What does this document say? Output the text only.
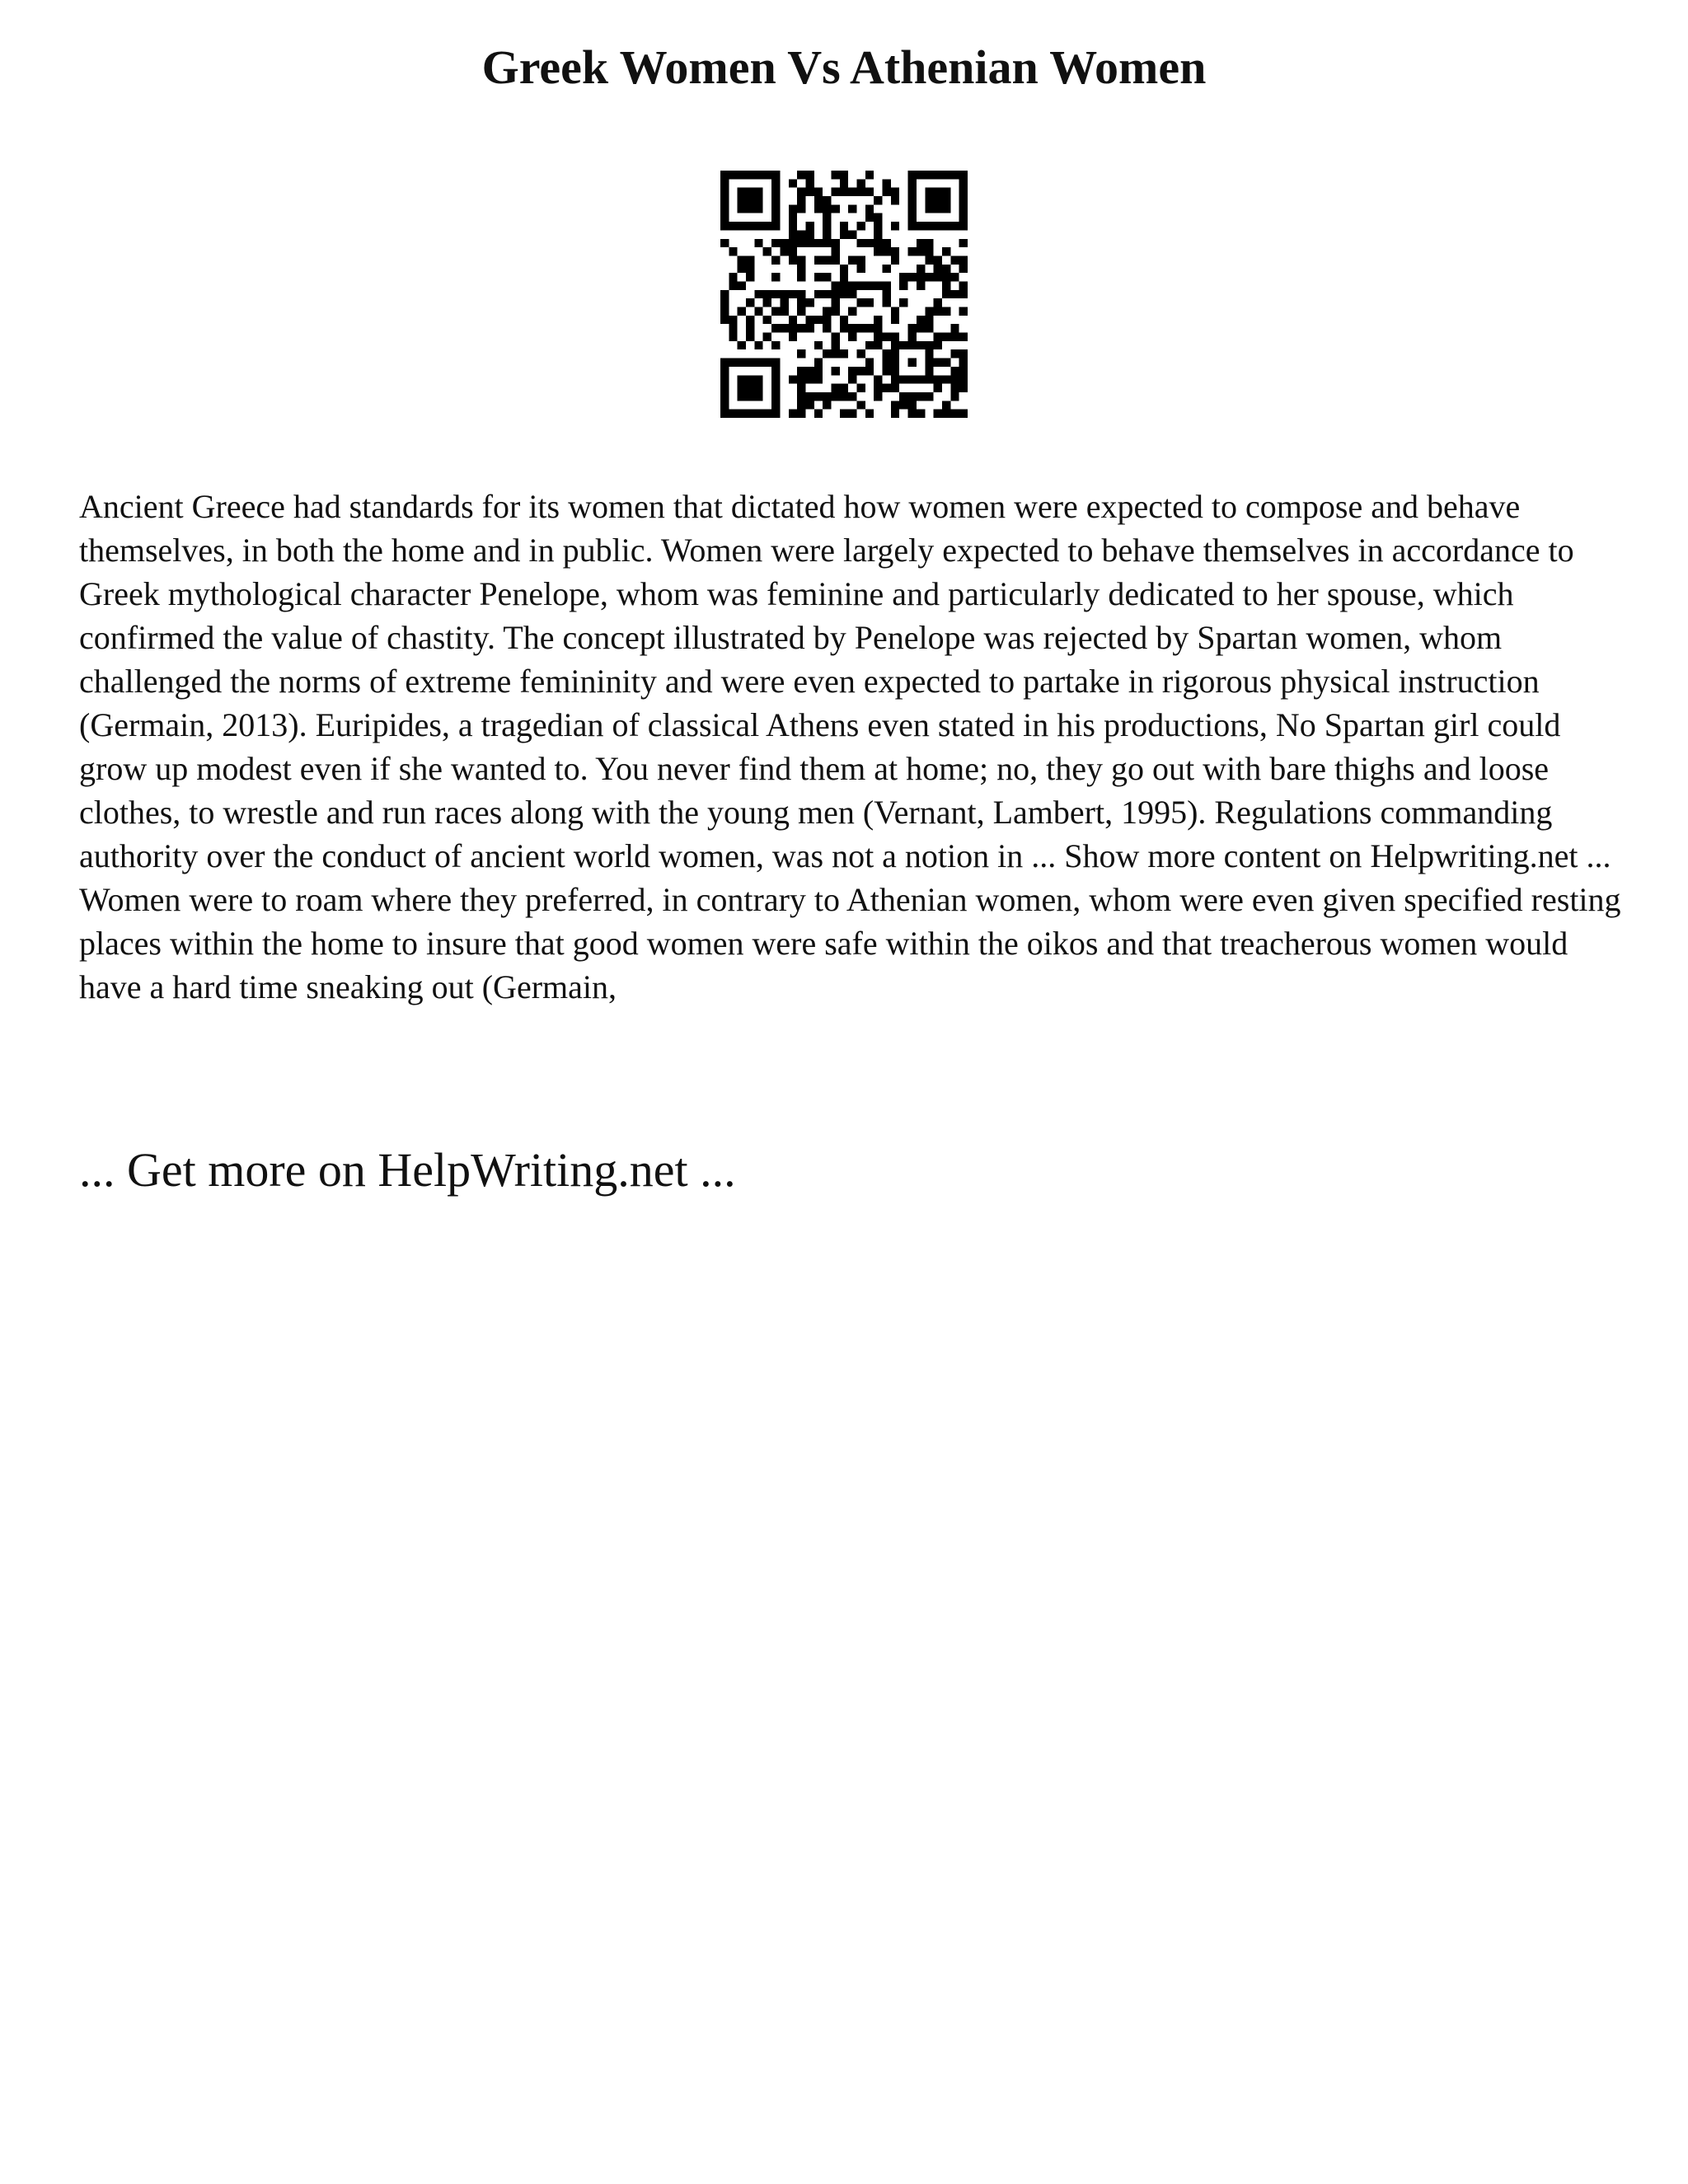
Greek Women Vs Athenian Women

Ancient Greece had standards for its women that dictated how women were expected to compose and behave themselves, in both the home and in public. Women were largely expected to behave themselves in accordance to Greek mythological character Penelope, whom was feminine and particularly dedicated to her spouse, which confirmed the value of chastity. The concept illustrated by Penelope was rejected by Spartan women, whom challenged the norms of extreme femininity and were even expected to partake in rigorous physical instruction (Germain, 2013). Euripides, a tragedian of classical Athens even stated in his productions, No Spartan girl could grow up modest even if she wanted to. You never find them at home; no, they go out with bare thighs and loose clothes, to wrestle and run races along with the young men (Vernant, Lambert, 1995). Regulations commanding authority over the conduct of ancient world women, was not a notion in ... Show more content on Helpwriting.net ...

Women were to roam where they preferred, in contrary to Athenian women, whom were even given specified resting places within the home to insure that good women were safe within the oikos and that treacherous women would have a hard time sneaking out (Germain,

... Get more on HelpWriting.net ...
